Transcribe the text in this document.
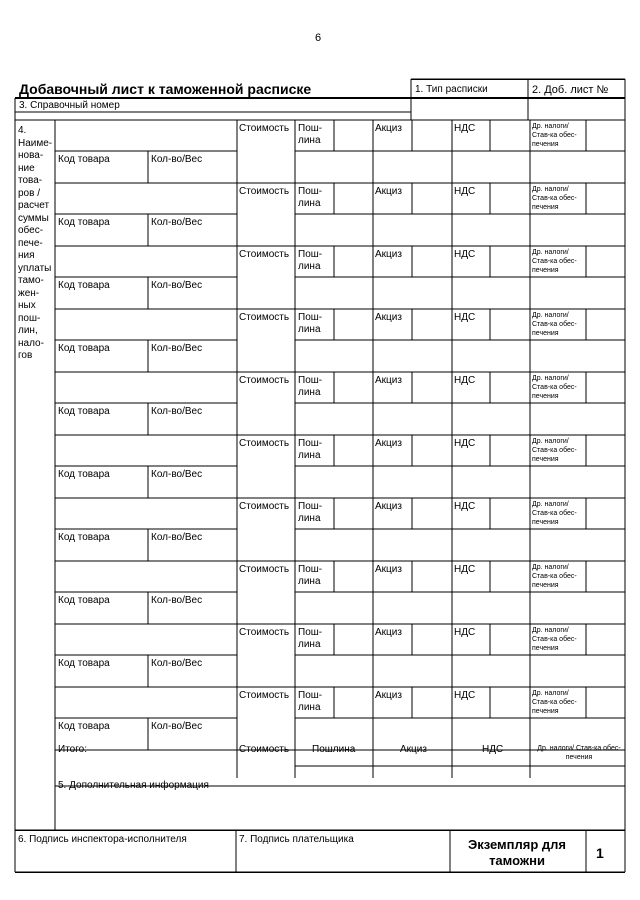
6
Добавочный лист к таможенной расписке	1. Тип расписки	2. Доб. лист №
3. Справочный номер
4.
Наиме-
нова-
ние
това-
ров /
расчет
суммы
обес-
пече-
ния
уплаты
тамо-
жен-
ных
пош-
лин,
нало-
гов
Стоимость Пош-
лина
Акциз	НДС	Др. налоги/
Став-ка обес-
печения
Код товара	Кол-во/Вес
Стоимость Пош-
лина
Акциз	НДС	Др. налоги/
Став-ка обес-
печения
Код товара	Кол-во/Вес
Стоимость Пош-
лина
Акциз	НДС	Др. налоги/
Став-ка обес-
печения
Код товара	Кол-во/Вес
Стоимость Пош-
лина
Акциз	НДС	Др. налоги/
Став-ка обес-
печения
Код товара	Кол-во/Вес
Стоимость Пош-
лина
Акциз	НДС	Др. налоги/
Став-ка обес-
печения
Код товара	Кол-во/Вес
Стоимость Пош-
лина
Акциз	НДС	Др. налоги/
Став-ка обес-
печения
Код товара	Кол-во/Вес
Стоимость Пош-
лина
Акциз	НДС	Др. налоги/
Став-ка обес-
печения
Код товара	Кол-во/Вес
Стоимость Пош-
лина
Акциз	НДС	Др. налоги/
Став-ка обес-
печения
Код товара	Кол-во/Вес
Стоимость Пош-
лина
Акциз	НДС	Др. налоги/
Став-ка обес-
печения
Код товара	Кол-во/Вес
Стоимость Пош-
лина
Акциз	НДС	Др. налоги/
Став-ка обес-
печения
Код товара	Кол-во/Вес
Итого:	Стоимость Пошлина	Акциз	НДС	Др. налоги/ Став-ка обес-
печения
5. Дополнительная информация
6. Подпись инспектора-исполнителя	7. Подпись плательщика	Экземпляр для
таможни	1
